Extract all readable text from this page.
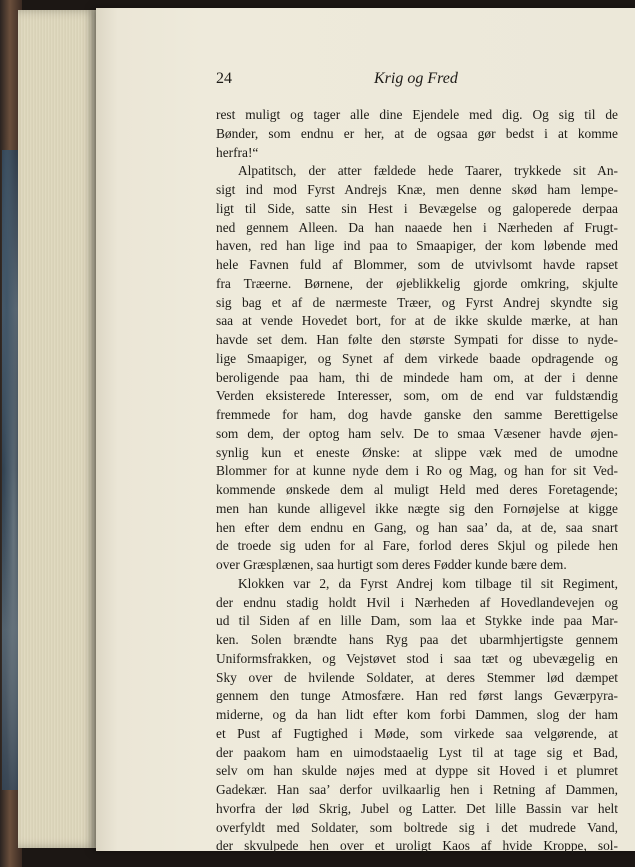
24	Krig og Fred
rest muligt og tager alle dine Ejendele med dig. Og sig til de
Bønder, som endnu er her, at de ogsaa gør bedst i at komme
herfra!“
Alpatitsch, der atter fældede hede Taarer, trykkede sit An-
sigt ind mod Fyrst Andrejs Knæ, men denne skød ham lempe-
ligt til Side, satte sin Hest i Bevægelse og galoperede derpaa
ned gennem Alleen. Da han naaede hen i Nærheden af Frugt-
haven, red han lige ind paa to Smaapiger, der kom løbende med
hele Favnen fuld af Blommer, som de utvivlsomt havde rapset
fra Træerne. Børnene, der øjeblikkelig gjorde omkring, skjulte
sig bag et af de nærmeste Træer, og Fyrst Andrej skyndte sig
saa at vende Hovedet bort, for at de ikke skulde mærke, at han
havde set dem. Han følte den største Sympati for disse to nyde-
lige Smaapiger, og Synet af dem virkede baade opdragende og
beroligende paa ham, thi de mindede ham om, at der i denne
Verden eksisterede Interesser, som, om de end var fuldstændig
fremmede for ham, dog havde ganske den samme Berettigelse
som dem, der optog ham selv. De to smaa Væsener havde øjen-
synlig kun et eneste Ønske: at slippe væk med de umodne
Blommer for at kunne nyde dem i Ro og Mag, og han for sit Ved-
kommende ønskede dem al muligt Held med deres Foretagende;
men han kunde alligevel ikke nægte sig den Fornøjelse at kigge
hen efter dem endnu en Gang, og han saa’ da, at de, saa snart
de troede sig uden for al Fare, forlod deres Skjul og pilede hen
over Græsplænen, saa hurtigt som deres Fødder kunde bære dem.
Klokken var 2, da Fyrst Andrej kom tilbage til sit Regiment,
der endnu stadig holdt Hvil i Nærheden af Hovedlandevejen og
ud til Siden af en lille Dam, som laa et Stykke inde paa Mar-
ken. Solen brændte hans Ryg paa det ubarmhjertigste gennem
Uniformsfrakken, og Vejstøvet stod i saa tæt og ubevægelig en
Sky over de hvilende Soldater, at deres Stemmer lød dæmpet
gennem den tunge Atmosfære. Han red først langs Geværpyra-
miderne, og da han lidt efter kom forbi Dammen, slog der ham
et Pust af Fugtighed i Møde, som virkede saa velgørende, at
der paakom ham en uimodstaaelig Lyst til at tage sig et Bad,
selv om han skulde nøjes med at dyppe sit Hoved i et plumret
Gadekær. Han saa’ derfor uvilkaarlig hen i Retning af Dammen,
hvorfra der lød Skrig, Jubel og Latter. Det lille Bassin var helt
overfyldt med Soldater, som boltrede sig i det mudrede Vand,
der skvulpede hen over et uroligt Kaos af hvide Kroppe, sol-
